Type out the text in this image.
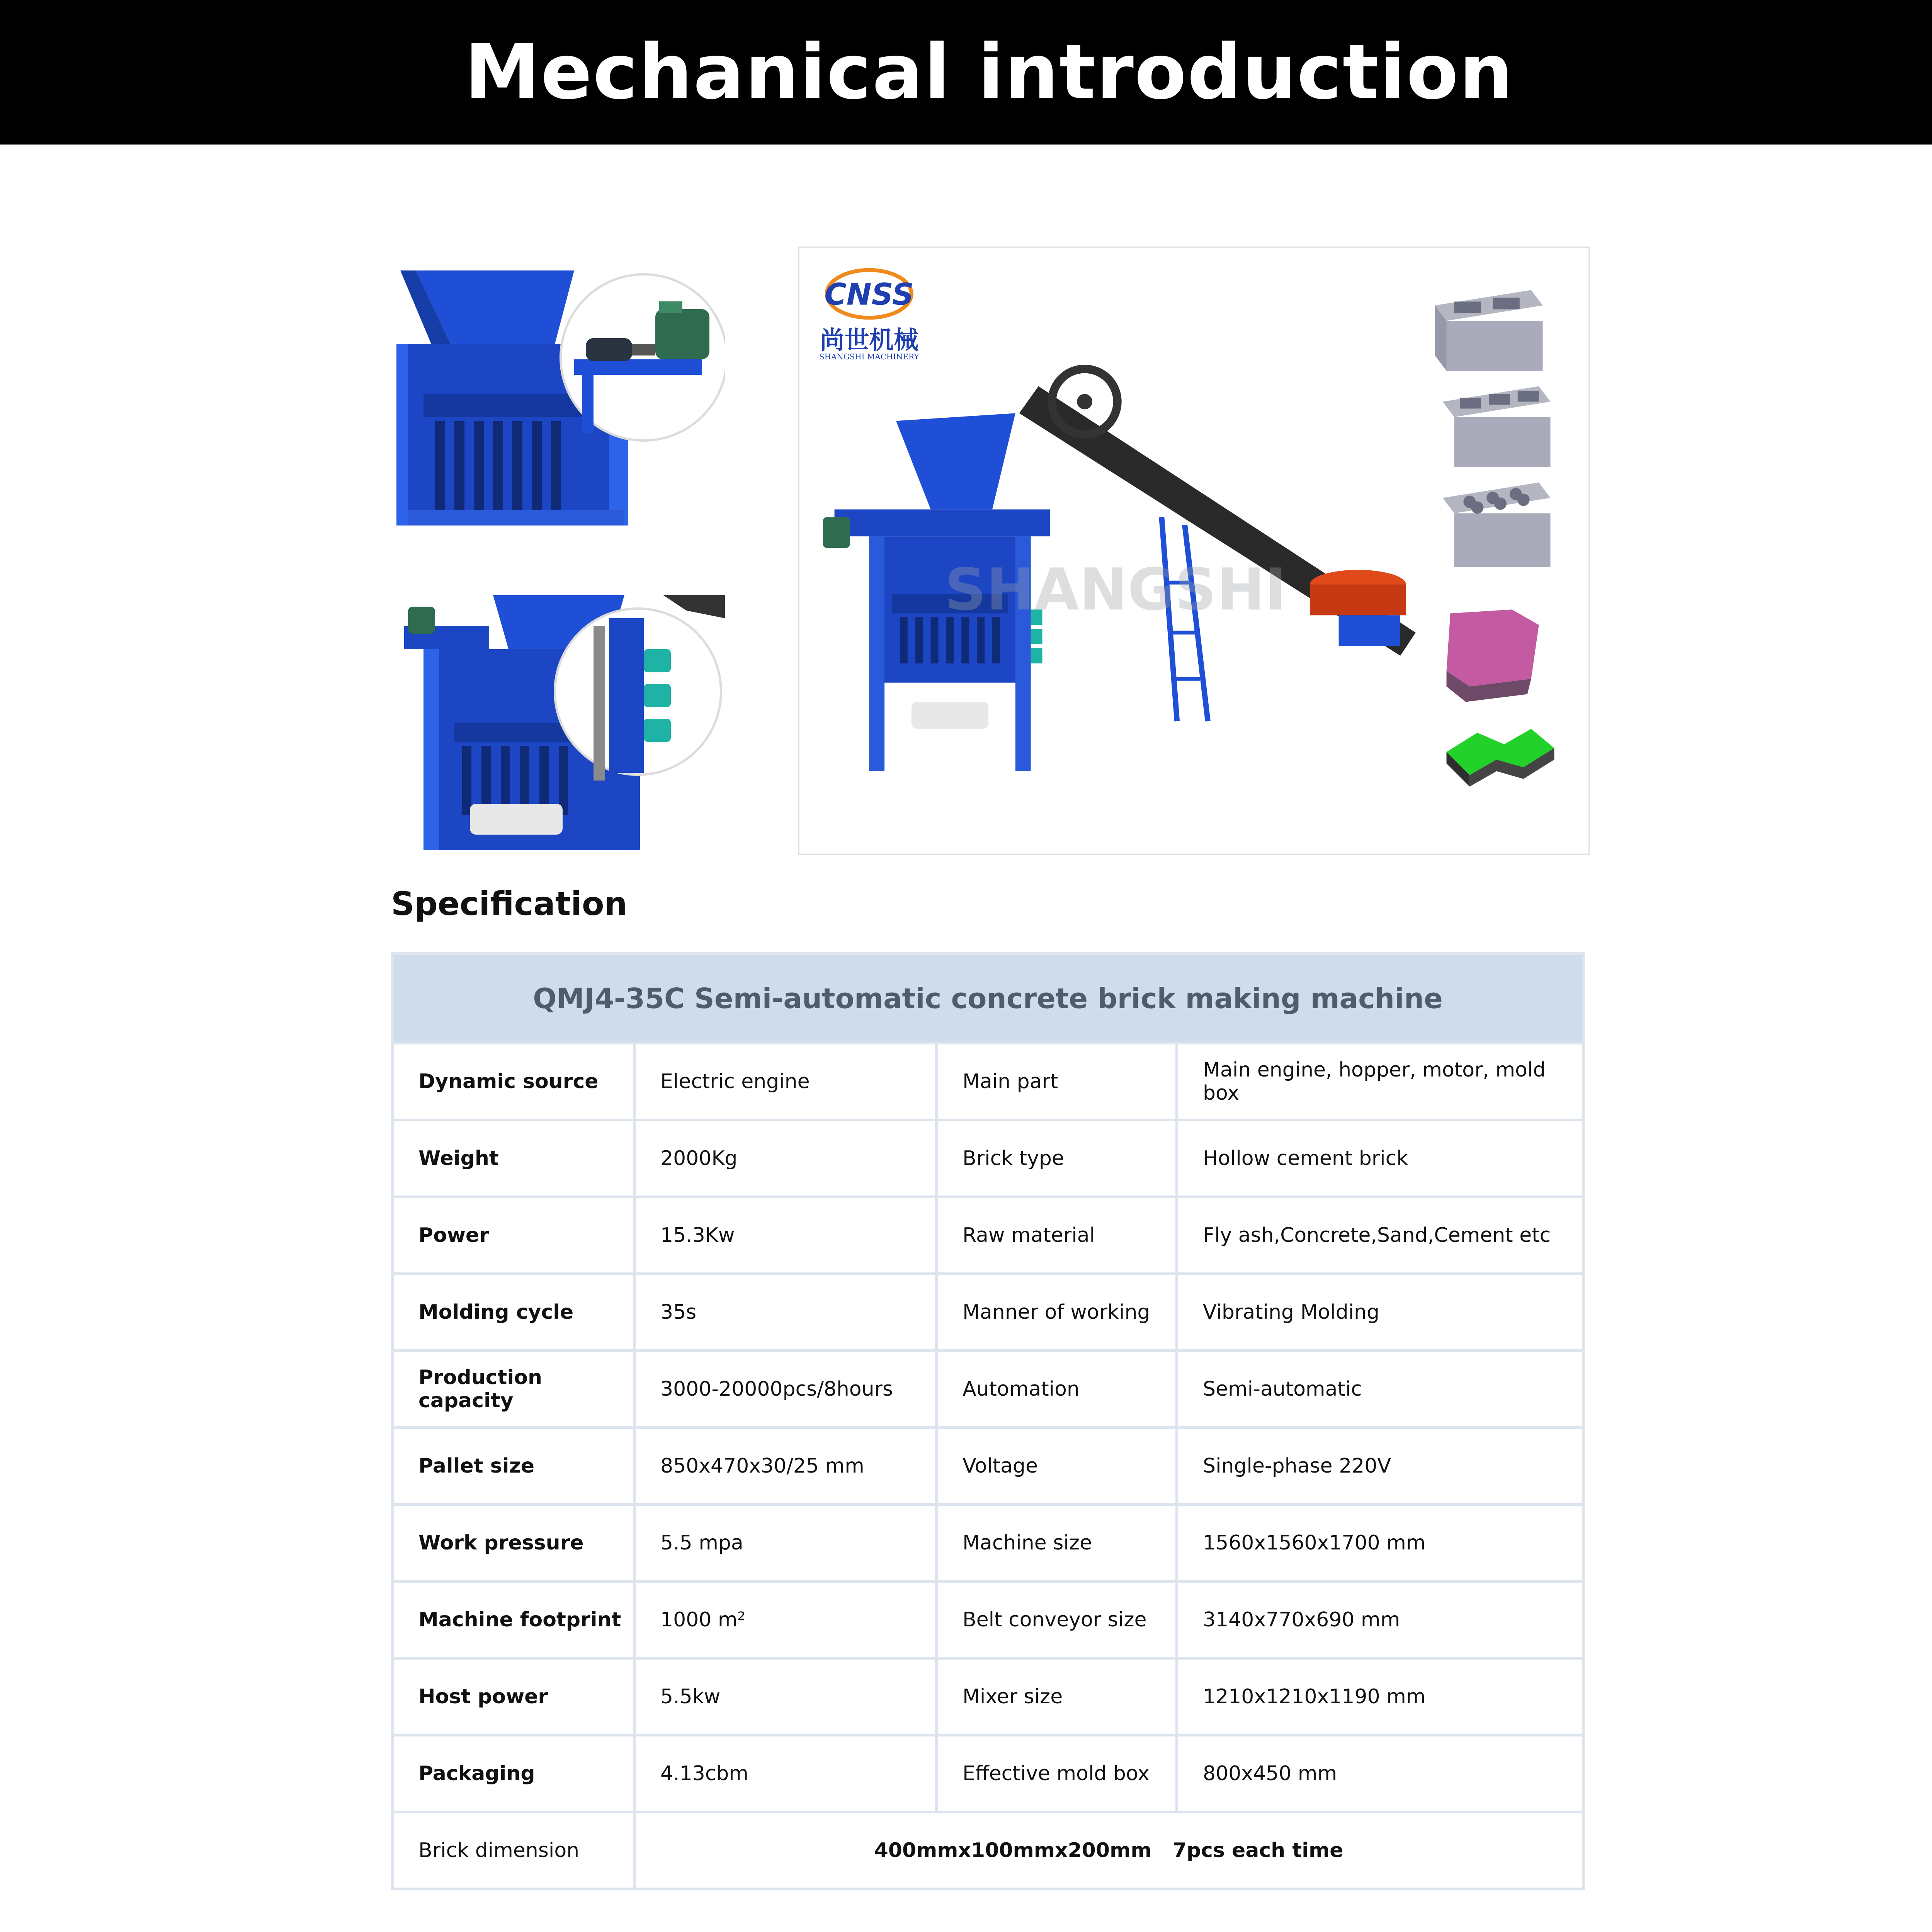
Mechanical introduction
CNSS
尚世机械
SHANGSHI MACHINERY
SHANGSHI
Specification
QMJ4-35C Semi-automatic concrete brick making machine			
Dynamic source	Electric engine	Main part	Main engine, hopper, motor, mold box
Weight	2000Kg	Brick type	Hollow cement brick
Power	15.3Kw	Raw material	Fly ash,Concrete,Sand,Cement etc
Molding cycle	35s	Manner of working	Vibrating Molding
Production capacity	3000-20000pcs/8hours	Automation	Semi-automatic
Pallet size	850x470x30/25 mm	Voltage	Single-phase 220V
Work pressure	5.5 mpa	Machine size	1560x1560x1700 mm
Machine footprint	1000 m²	Belt conveyor size	3140x770x690 mm
Host power	5.5kw	Mixer size	1210x1210x1190 mm
Packaging	4.13cbm	Effective mold box	800x450 mm
Brick dimension	400mmx100mmx200mm   7pcs each time		
